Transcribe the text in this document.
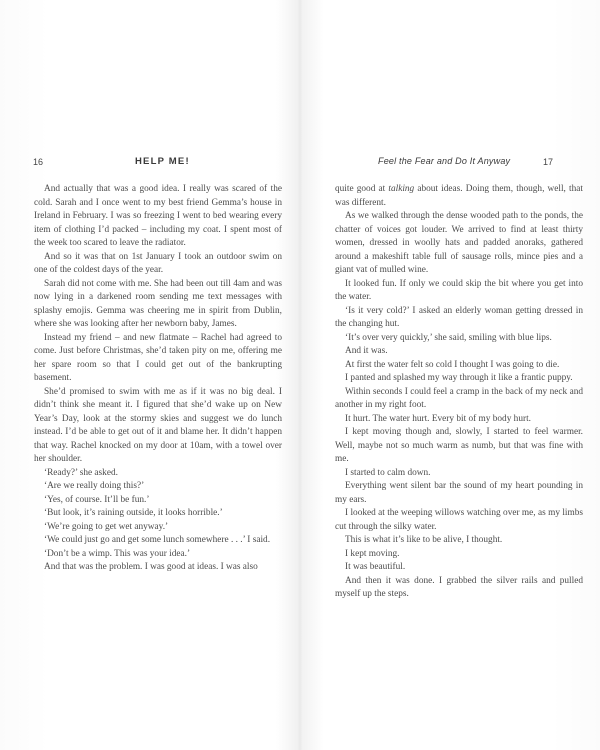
16	HELP ME!

And actually that was a good idea. I really was scared of the cold. Sarah and I once went to my best friend Gemma’s house in Ireland in February. I was so freezing I went to bed wearing every item of clothing I’d packed – including my coat. I spent most of the week too scared to leave the radiator.

And so it was that on 1st January I took an outdoor swim on one of the coldest days of the year.

Sarah did not come with me. She had been out till 4am and was now lying in a darkened room sending me text messages with splashy emojis. Gemma was cheering me in spirit from Dublin, where she was looking after her newborn baby, James.

Instead my friend – and new flatmate – Rachel had agreed to come. Just before Christmas, she’d taken pity on me, offering me her spare room so that I could get out of the bankrupting basement.

She’d promised to swim with me as if it was no big deal. I didn’t think she meant it. I figured that she’d wake up on New Year’s Day, look at the stormy skies and suggest we do lunch instead. I’d be able to get out of it and blame her. It didn’t happen that way. Rachel knocked on my door at 10am, with a towel over her shoulder.

‘Ready?’ she asked.

‘Are we really doing this?’

‘Yes, of course. It’ll be fun.’

‘But look, it’s raining outside, it looks horrible.’

‘We’re going to get wet anyway.’

‘We could just go and get some lunch somewhere . . .’ I said.

‘Don’t be a wimp. This was your idea.’

And that was the problem. I was good at ideas. I was also

Feel the Fear and Do It Anyway	17

quite good at talking about ideas. Doing them, though, well, that was different.

As we walked through the dense wooded path to the ponds, the chatter of voices got louder. We arrived to find at least thirty women, dressed in woolly hats and padded anoraks, gathered around a makeshift table full of sausage rolls, mince pies and a giant vat of mulled wine.

It looked fun. If only we could skip the bit where you get into the water.

‘Is it very cold?’ I asked an elderly woman getting dressed in the changing hut.

‘It’s over very quickly,’ she said, smiling with blue lips.

And it was.

At first the water felt so cold I thought I was going to die.

I panted and splashed my way through it like a frantic puppy.

Within seconds I could feel a cramp in the back of my neck and another in my right foot.

It hurt. The water hurt. Every bit of my body hurt.

I kept moving though and, slowly, I started to feel warmer. Well, maybe not so much warm as numb, but that was fine with me.

I started to calm down.

Everything went silent bar the sound of my heart pounding in my ears.

I looked at the weeping willows watching over me, as my limbs cut through the silky water.

This is what it’s like to be alive, I thought.

I kept moving.

It was beautiful.

And then it was done. I grabbed the silver rails and pulled myself up the steps.
